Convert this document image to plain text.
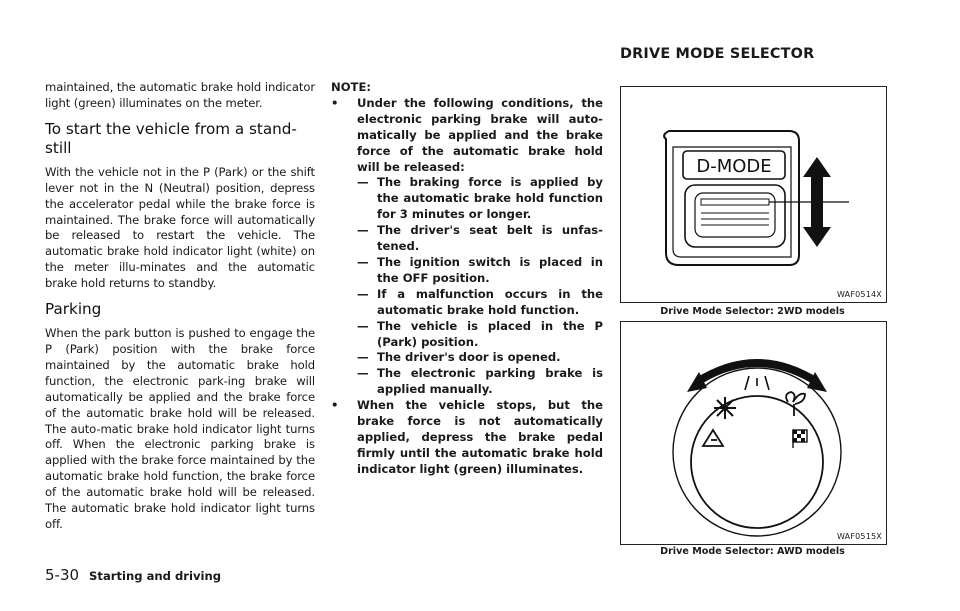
maintained, the automatic brake hold indicator light (green) illuminates on the meter.

To start the vehicle from a stand-still

With the vehicle not in the P (Park) or the shift lever not in the N (Neutral) position, depress the accelerator pedal while the brake force is maintained. The brake force will automatically be released to restart the vehicle. The automatic brake hold indicator light (white) on the meter illu-minates and the automatic brake hold returns to standby.

Parking

When the park button is pushed to engage the P (Park) position with the brake force maintained by the automatic brake hold function, the electronic park-ing brake will automatically be applied and the brake force of the automatic brake hold will be released. The auto-matic brake hold indicator light turns off. When the electronic parking brake is applied with the brake force maintained by the automatic brake hold function, the brake force of the automatic brake hold will be released. The automatic brake hold indicator light turns off.

NOTE:
•	Under the following conditions, the electronic parking brake will auto-matically be applied and the brake force of the automatic brake hold will be released:
— The braking force is applied by the automatic brake hold function for 3 minutes or longer.
— The driver's seat belt is unfas-tened.
— The ignition switch is placed in the OFF position.
— If a malfunction occurs in the automatic brake hold function.
— The vehicle is placed in the P (Park) position.
— The driver's door is opened.
— The electronic parking brake is applied manually.
•	When the vehicle stops, but the brake force is not automatically applied, depress the brake pedal firmly until the automatic brake hold indicator light (green) illuminates.
DRIVE MODE SELECTOR
D-MODE
WAF0514X
Drive Mode Selector: 2WD models
WAF0515X
Drive Mode Selector: AWD models
5-30 Starting and driving
